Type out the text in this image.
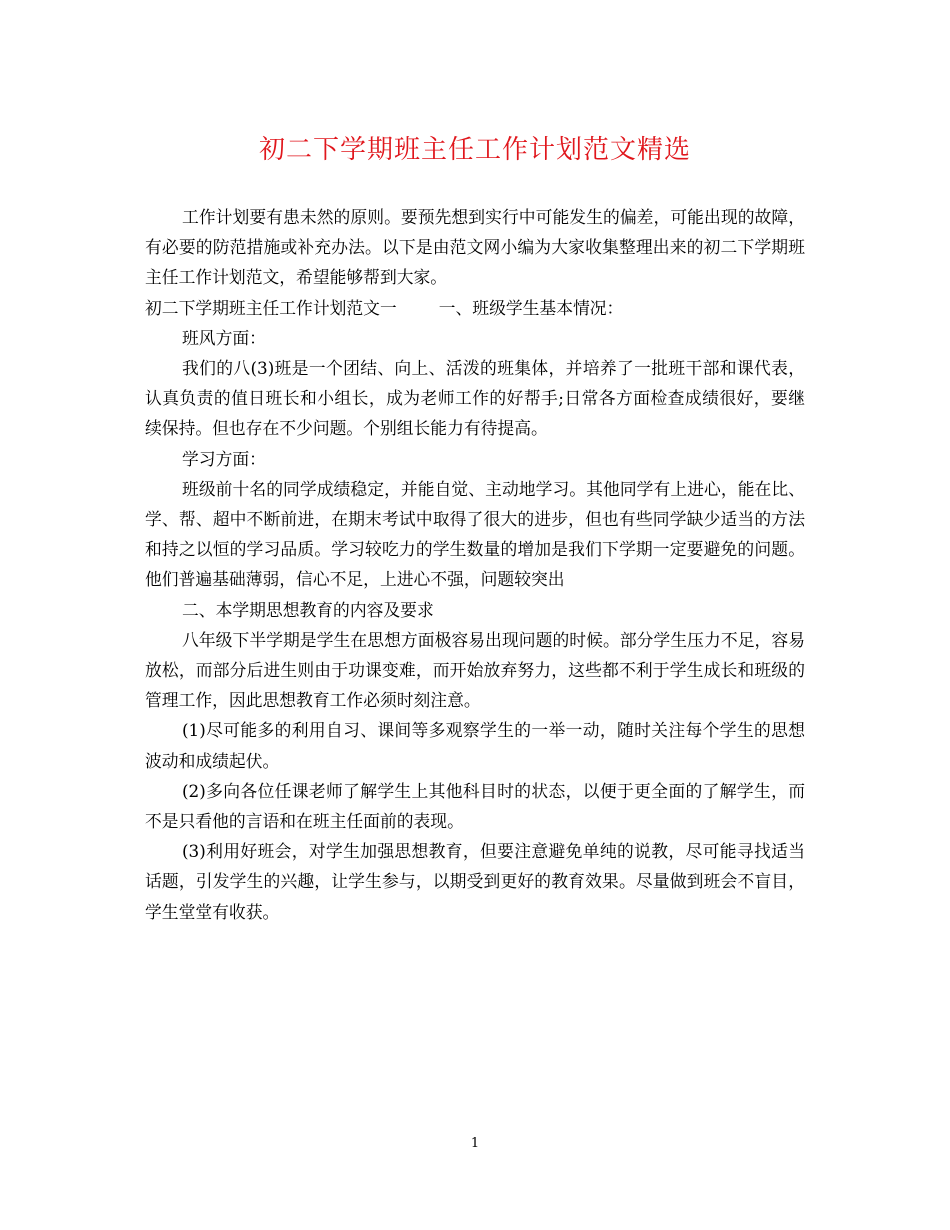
初二下学期班主任工作计划范文精选

工作计划要有患未然的原则。要预先想到实行中可能发生的偏差，可能出现的故障，有必要的防范措施或补充办法。以下是由范文网小编为大家收集整理出来的初二下学期班主任工作计划范文，希望能够帮到大家。

初二下学期班主任工作计划范文一	一、班级学生基本情况：

班风方面：

我们的八(3)班是一个团结、向上、活泼的班集体，并培养了一批班干部和课代表，认真负责的值日班长和小组长，成为老师工作的好帮手;日常各方面检查成绩很好，要继续保持。但也存在不少问题。个别组长能力有待提高。

学习方面：

班级前十名的同学成绩稳定，并能自觉、主动地学习。其他同学有上进心，能在比、学、帮、超中不断前进，在期末考试中取得了很大的进步，但也有些同学缺少适当的方法和持之以恒的学习品质。学习较吃力的学生数量的增加是我们下学期一定要避免的问题。他们普遍基础薄弱，信心不足，上进心不强，问题较突出

二、本学期思想教育的内容及要求

八年级下半学期是学生在思想方面极容易出现问题的时候。部分学生压力不足，容易放松，而部分后进生则由于功课变难，而开始放弃努力，这些都不利于学生成长和班级的管理工作，因此思想教育工作必须时刻注意。

(1)尽可能多的利用自习、课间等多观察学生的一举一动，随时关注每个学生的思想波动和成绩起伏。

(2)多向各位任课老师了解学生上其他科目时的状态，以便于更全面的了解学生，而不是只看他的言语和在班主任面前的表现。

(3)利用好班会，对学生加强思想教育，但要注意避免单纯的说教，尽可能寻找适当话题，引发学生的兴趣，让学生参与，以期受到更好的教育效果。尽量做到班会不盲目，学生堂堂有收获。

1
